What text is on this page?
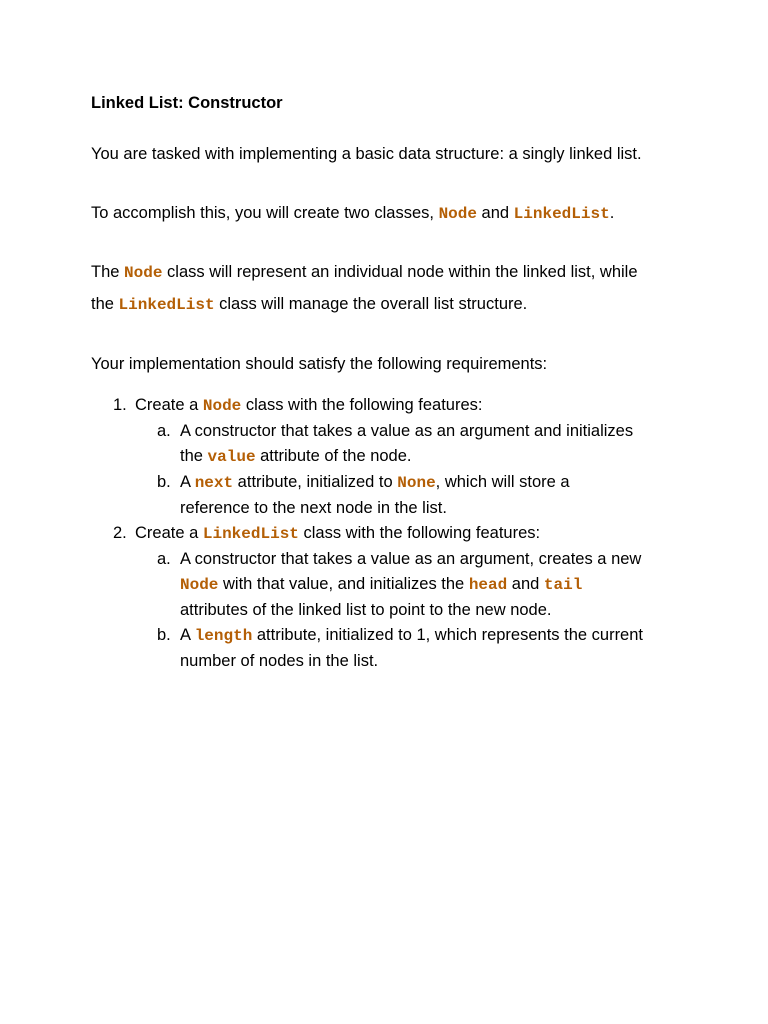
Linked List: Constructor
You are tasked with implementing a basic data structure: a singly linked list.
To accomplish this, you will create two classes, Node and LinkedList.
The Node class will represent an individual node within the linked list, while
the LinkedList class will manage the overall list structure.
Your implementation should satisfy the following requirements:
1. Create a Node class with the following features:
a. A constructor that takes a value as an argument and initializes
the value attribute of the node.
b. A next attribute, initialized to None, which will store a
reference to the next node in the list.
2. Create a LinkedList class with the following features:
a. A constructor that takes a value as an argument, creates a new
Node with that value, and initializes the head and tail
attributes of the linked list to point to the new node.
b. A length attribute, initialized to 1, which represents the current
number of nodes in the list.
